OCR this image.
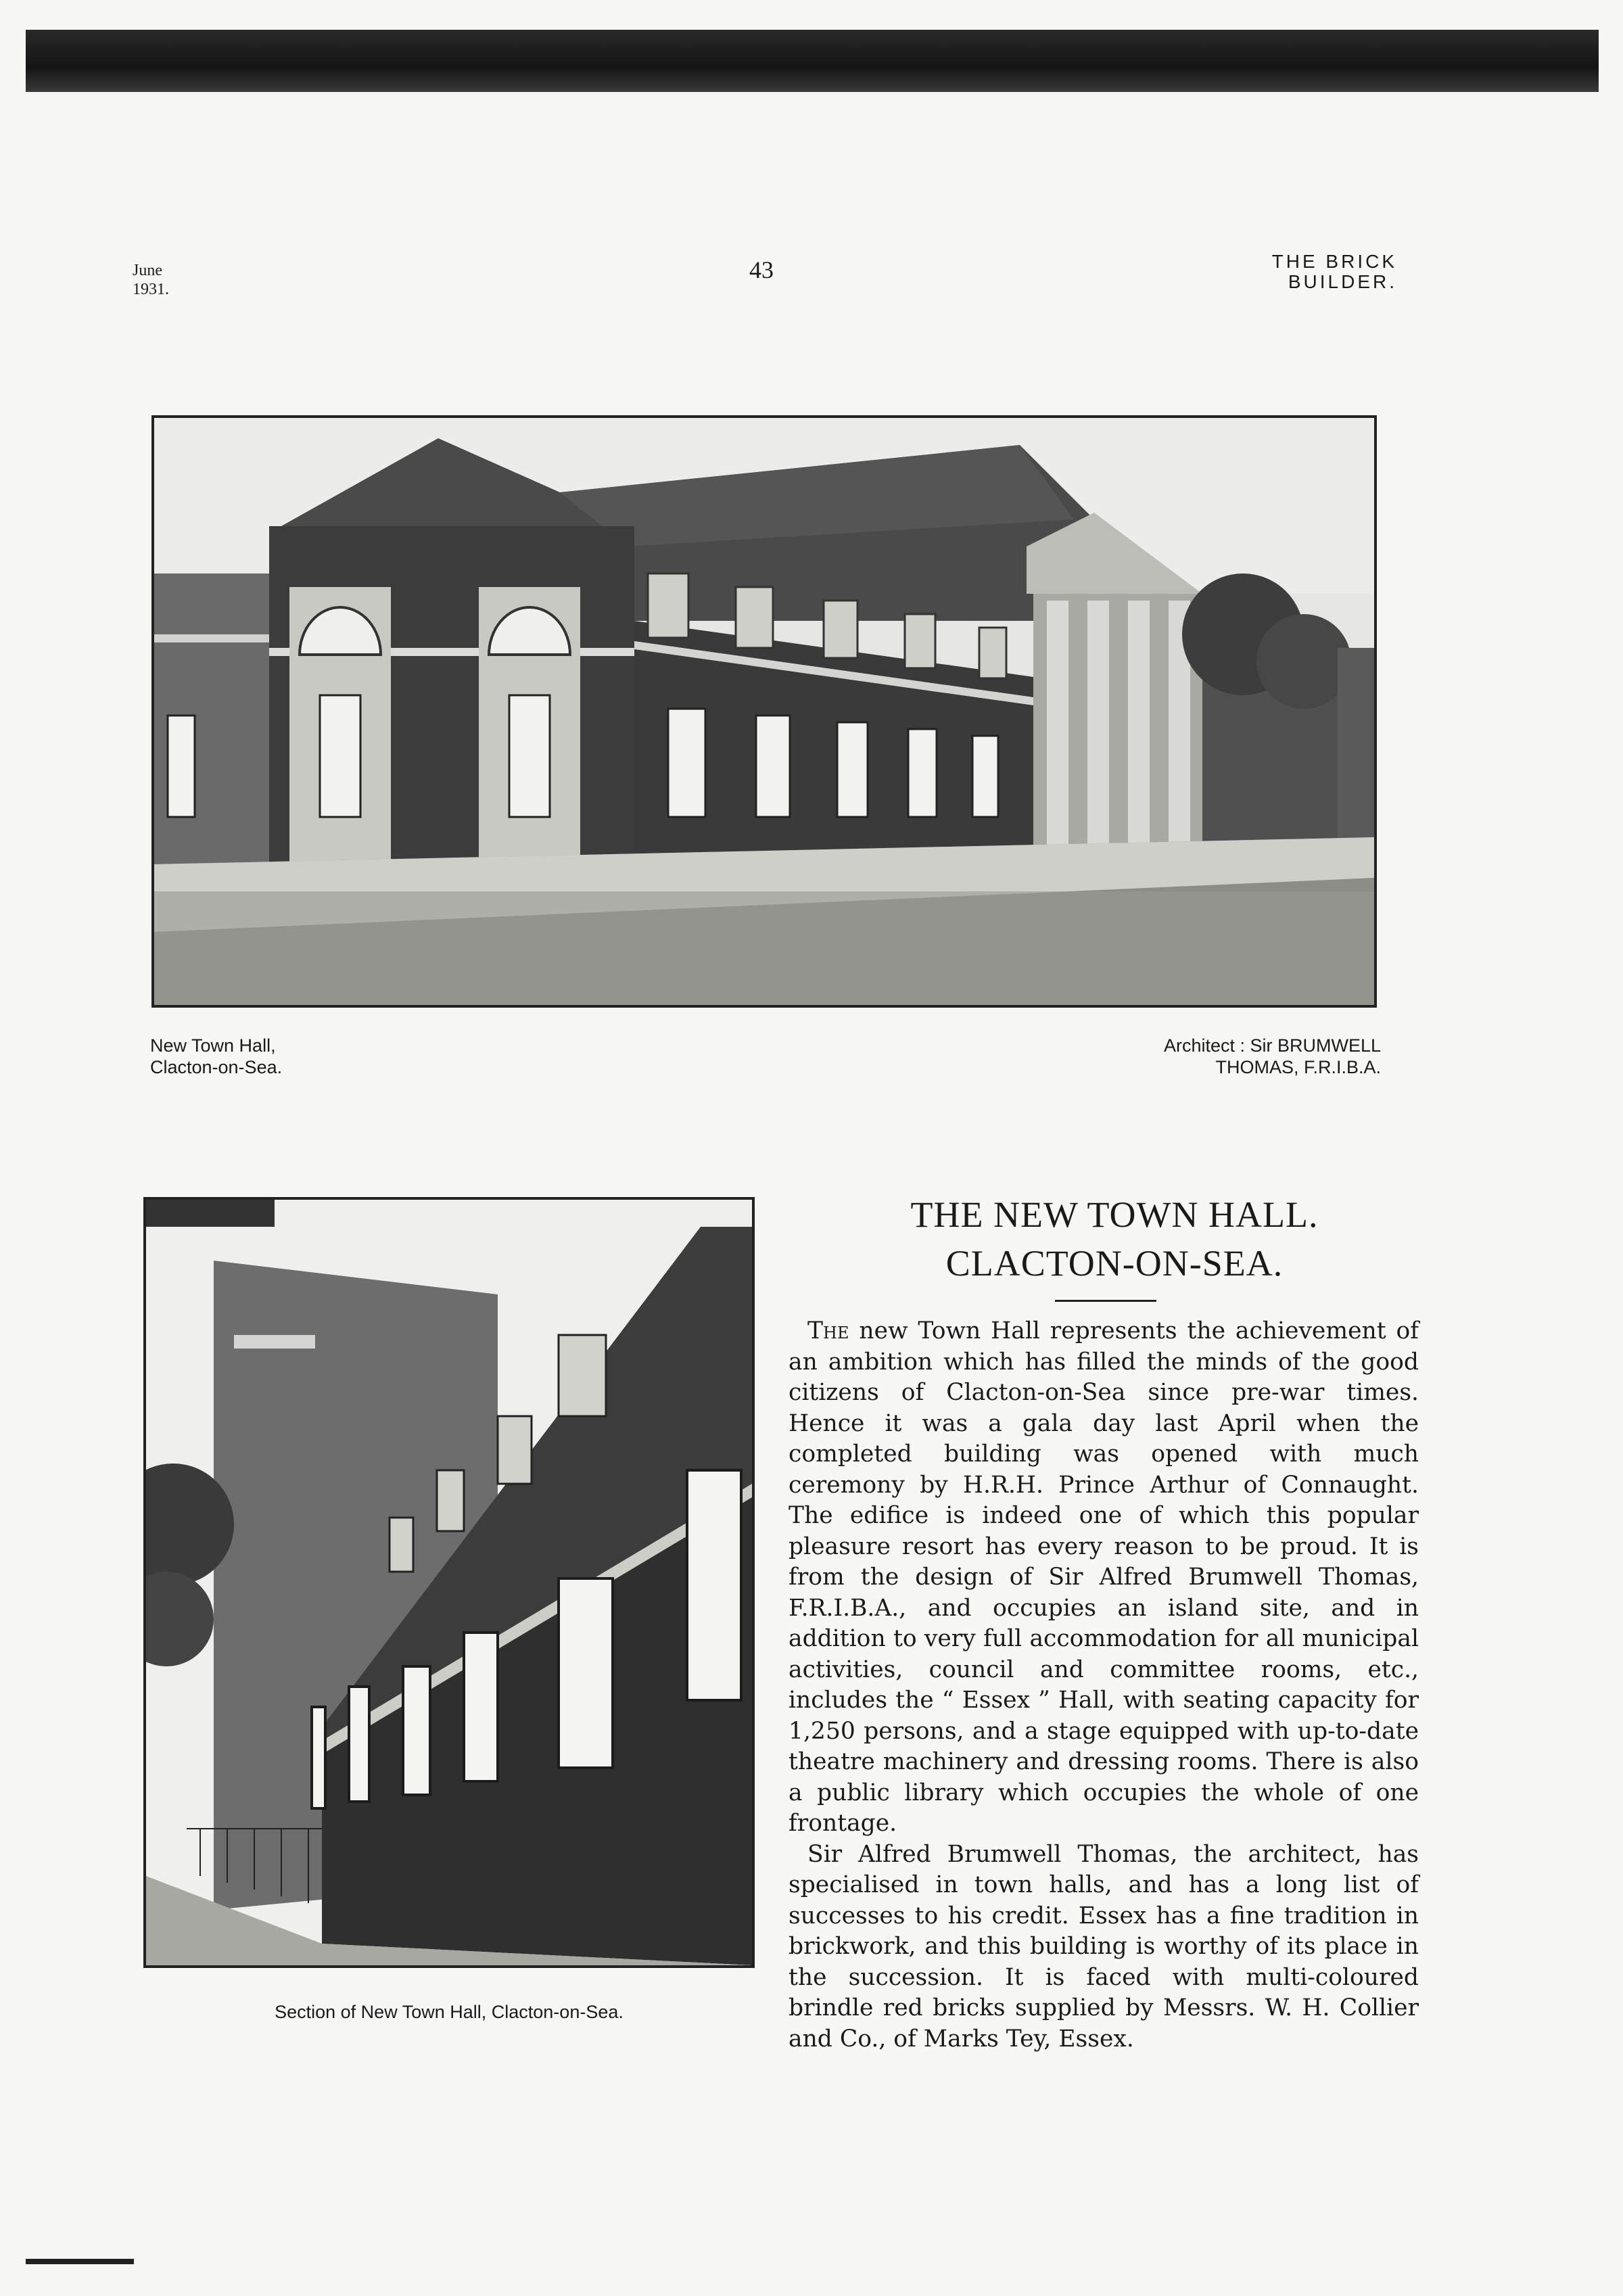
June
1931.
43	THE BRICK
BUILDER.
New Town Hall,
Clacton-on-Sea.
Architect : Sir BRUMWELL
THOMAS, F.R.I.B.A.
Section of New Town Hall, Clacton-on-Sea.
THE NEW TOWN HALL.
CLACTON-ON-SEA.

The new Town Hall represents the achievement of an ambition which has filled the minds of the good citizens of Clacton-on-Sea since pre-war times. Hence it was a gala day last April when the completed building was opened with much ceremony by H.R.H. Prince Arthur of Connaught. The edifice is indeed one of which this popular pleasure resort has every reason to be proud. It is from the design of Sir Alfred Brumwell Thomas, F.R.I.B.A., and occupies an island site, and in addition to very full accommodation for all municipal activities, council and committee rooms, etc., includes the “ Essex ” Hall, with seating capacity for 1,250 persons, and a stage equipped with up-to-date theatre machinery and dressing rooms. There is also a public library which occupies the whole of one frontage.

Sir Alfred Brumwell Thomas, the architect, has specialised in town halls, and has a long list of successes to his credit. Essex has a fine tradition in brickwork, and this building is worthy of its place in the succession. It is faced with multi-coloured brindle red bricks supplied by Messrs. W. H. Collier and Co., of Marks Tey, Essex.
